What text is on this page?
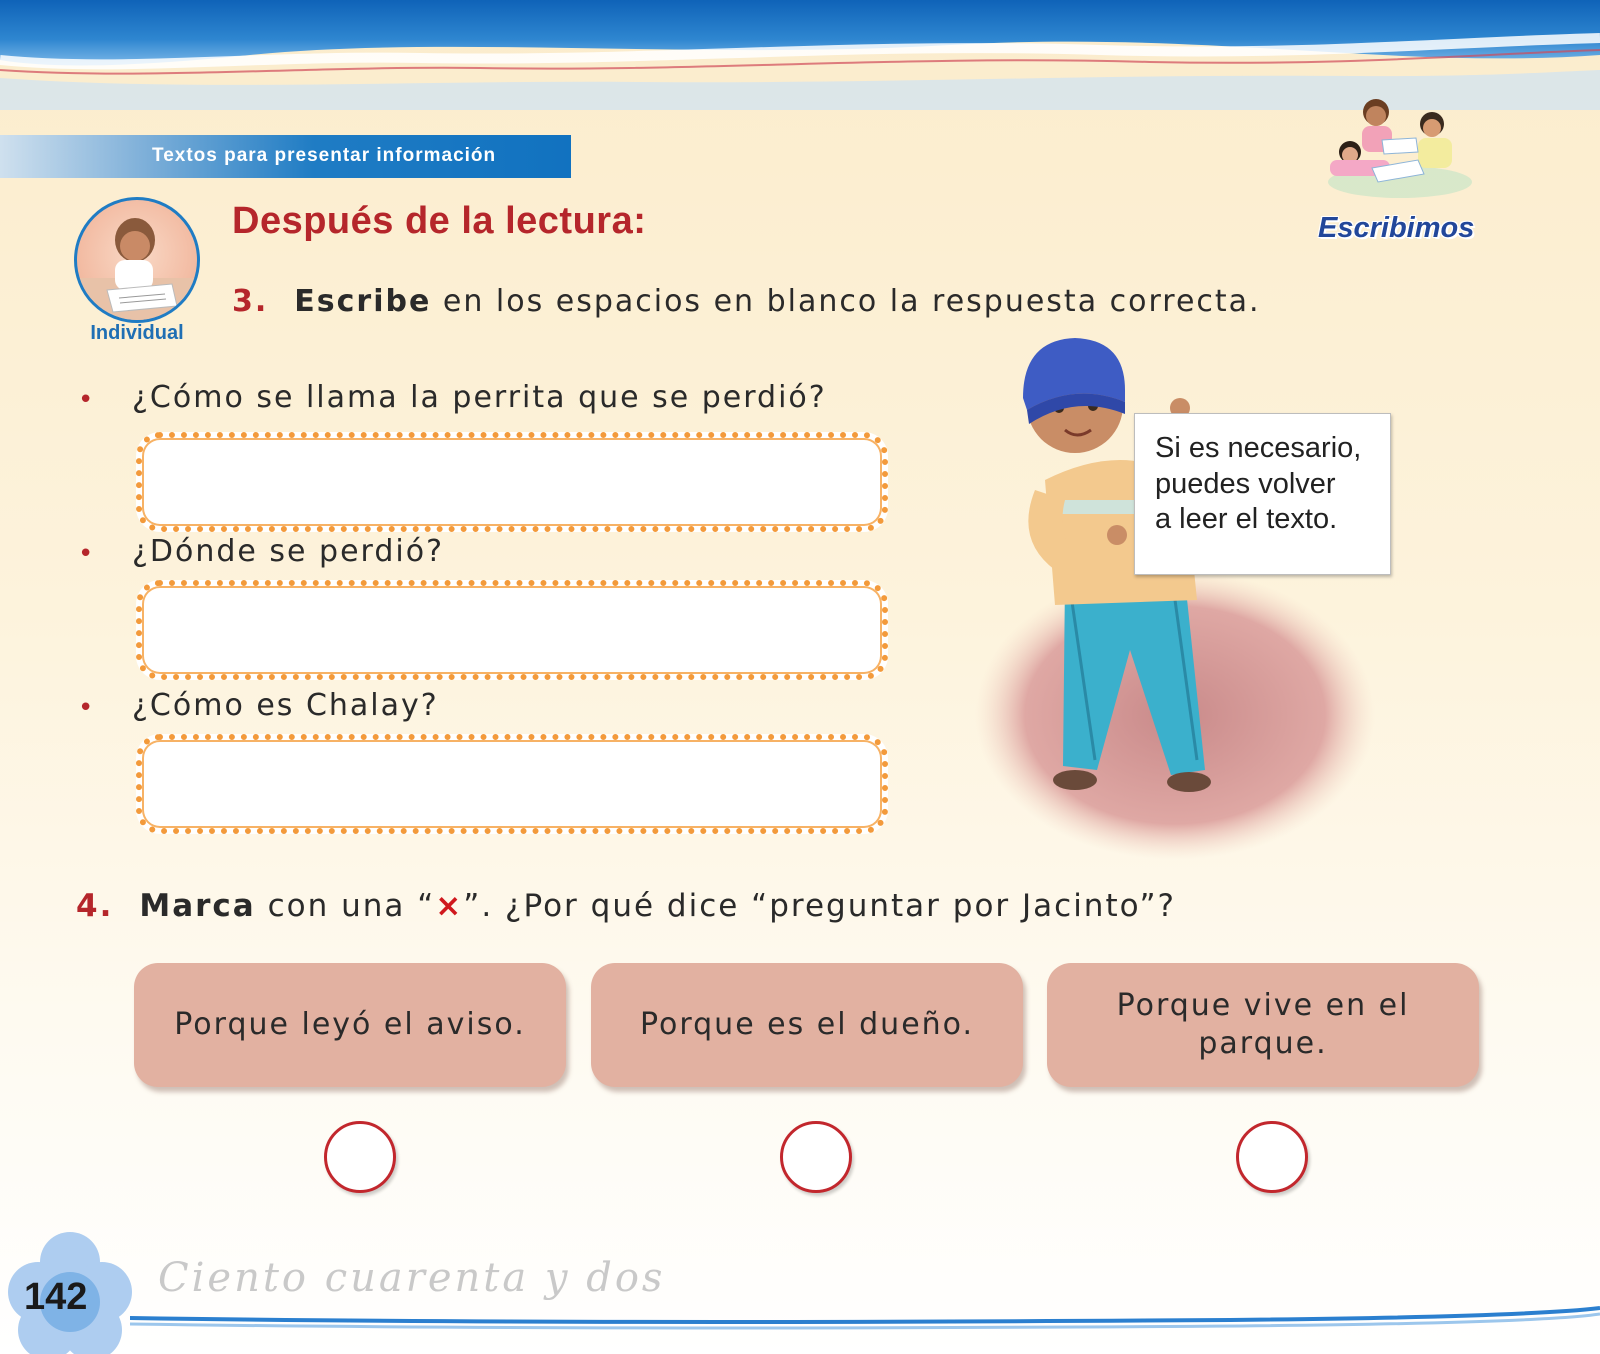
Textos para presentar información
Individual
Después de la lectura:	Escribimos
3. Escribe en los espacios en blanco la respuesta correcta.
• ¿Cómo se llama la perrita que se perdió?
• ¿Dónde se perdió?
• ¿Cómo es Chalay?
Si es necesario,
puedes volver
a leer el texto.
4. Marca con una “×”. ¿Por qué dice “preguntar por Jacinto”?
Porque leyó el aviso.	Porque es el dueño.
Porque vive en el parque.
142 Ciento cuarenta y dos
